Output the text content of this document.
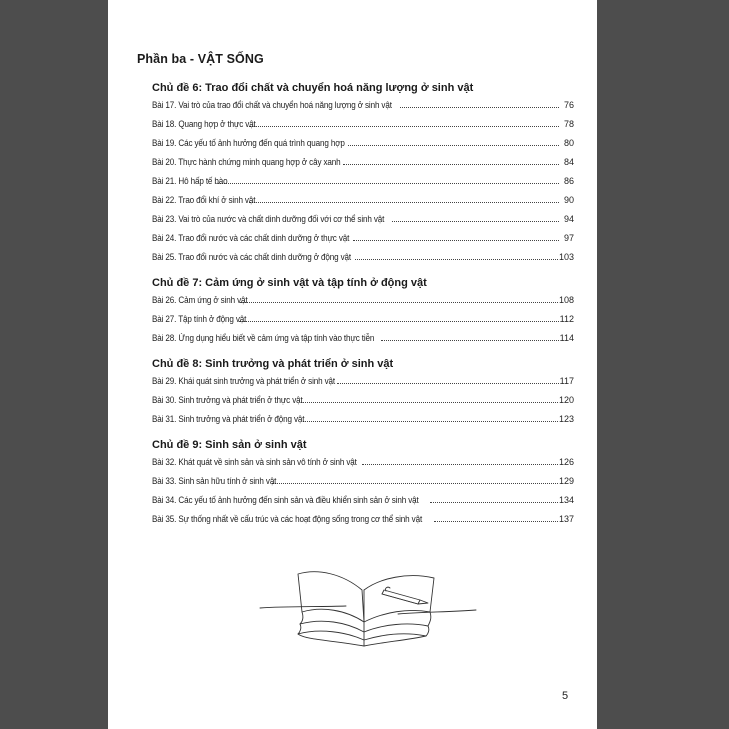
Phần ba - VẬT SỐNG
Chủ đề 6: Trao đổi chất và chuyển hoá năng lượng ở sinh vật
Bài 17. Vai trò của trao đổi chất và chuyển hoá năng lượng ở sinh vật	76
Bài 18. Quang hợp ở thực vật	78
Bài 19. Các yếu tố ảnh hưởng đến quá trình quang hợp	80
Bài 20. Thực hành chứng minh quang hợp ở cây xanh	84
Bài 21. Hô hấp tế bào	86
Bài 22. Trao đổi khí ở sinh vật	90
Bài 23. Vai trò của nước và chất dinh dưỡng đối với cơ thể sinh vật	94
Bài 24. Trao đổi nước và các chất dinh dưỡng ở thực vật	97
Bài 25. Trao đổi nước và các chất dinh dưỡng ở động vật	103
Chủ đề 7: Cảm ứng ở sinh vật và tập tính ở động vật
Bài 26. Cảm ứng ở sinh vật	108
Bài 27. Tập tính ở động vật	112
Bài 28. Ứng dụng hiểu biết về cảm ứng và tập tính vào thực tiễn	114
Chủ đề 8: Sinh trưởng và phát triển ở sinh vật
Bài 29. Khái quát sinh trưởng và phát triển ở sinh vật	117
Bài 30. Sinh trưởng và phát triển ở thực vật	120
Bài 31. Sinh trưởng và phát triển ở động vật	123
Chủ đề 9: Sinh sản ở sinh vật
Bài 32. Khát quát về sinh sản và sinh sản vô tính ở sinh vật	126
Bài 33. Sinh sản hữu tính ở sinh vật	129
Bài 34. Các yếu tố ảnh hưởng đến sinh sản và điều khiển sinh sản ở sinh vật	134
Bài 35. Sự thống nhất về cấu trúc và các hoạt động sống trong cơ thể sinh vật	137
5
